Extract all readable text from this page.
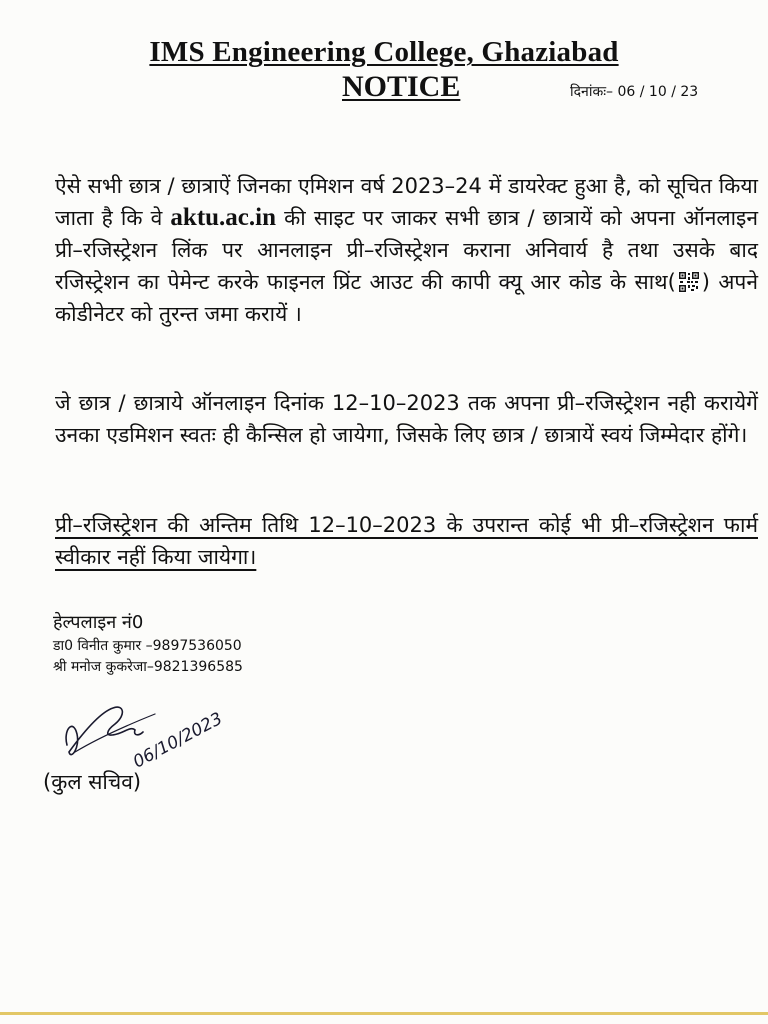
IMS Engineering College, Ghaziabad
NOTICE	दिनांकः– 06 / 10 / 23

ऐसे सभी छात्र / छात्राऐं जिनका एमिशन वर्ष 2023–24 में डायरेक्ट हुआ है, को सूचित किया जाता है कि वे aktu.ac.in की साइट पर जाकर सभी छात्र / छात्रायें को अपना ऑनलाइन प्री–रजिस्ट्रेशन लिंक पर आनलाइन प्री–रजिस्ट्रेशन कराना अनिवार्य है तथा उसके बाद रजिस्ट्रेशन का पेमेन्ट करके फाइनल प्रिंट आउट की कापी क्यू आर कोड के साथ( ) अपने कोडीनेटर को तुरन्त जमा करायें ।

जे छात्र / छात्राये ऑनलाइन दिनांक 12–10–2023 तक अपना प्री–रजिस्ट्रेशन नही करायेगें उनका एडमिशन स्वतः ही कैन्सिल हो जायेगा, जिसके लिए छात्र / छात्रायें स्वयं जिम्मेदार होंगे।

प्री–रजिस्ट्रेशन की अन्तिम तिथि 12–10–2023 के उपरान्त कोई भी प्री–रजिस्ट्रेशन फार्म स्वीकार नहीं किया जायेगा।

हेल्पलाइन नं0
डा0 विनीत कुमार –9897536050
श्री मनोज कुकरेजा–9821396585
06/10/2023
(कुल सचिव)
